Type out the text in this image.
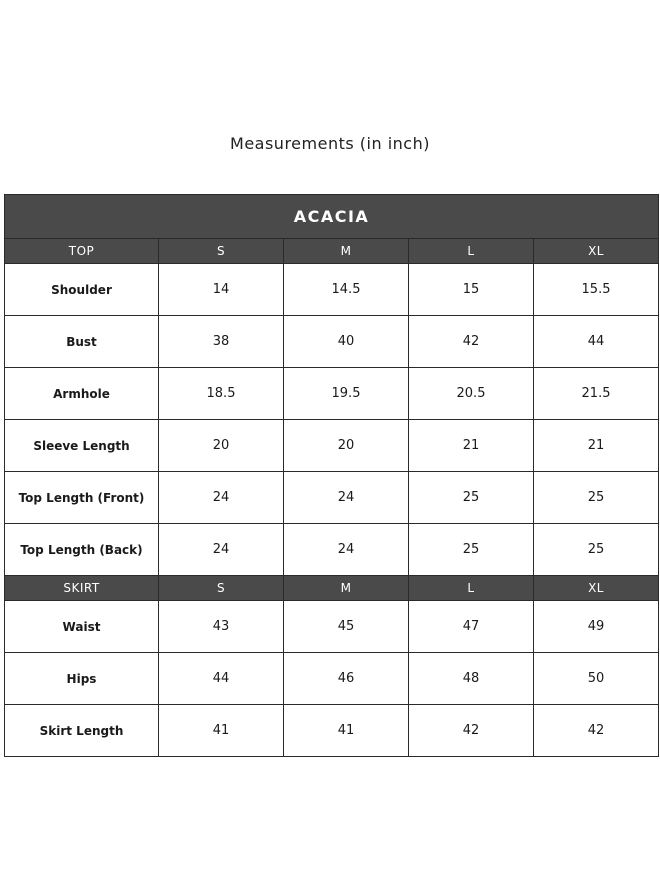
Measurements (in inch)
ACACIA				
TOP	S	M	L	XL
Shoulder	14	14.5	15	15.5
Bust	38	40	42	44
Armhole	18.5	19.5	20.5	21.5
Sleeve Length	20	20	21	21
Top Length (Front)	24	24	25	25
Top Length (Back)	24	24	25	25
SKIRT	S	M	L	XL
Waist	43	45	47	49
Hips	44	46	48	50
Skirt Length	41	41	42	42
